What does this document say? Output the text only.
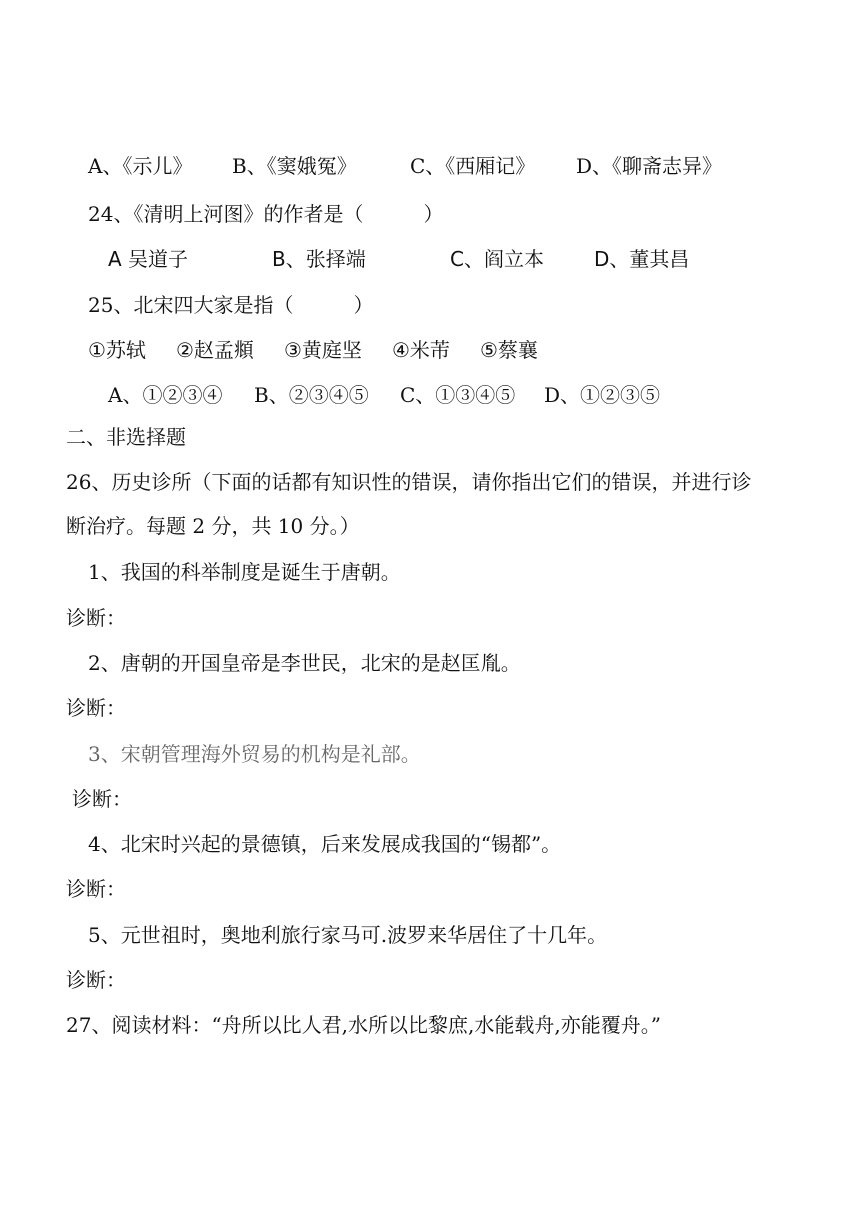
A、《示儿》 B、《窦娥冤》	C、《西厢记》 D、《聊斋志异》
24、《清明上河图》的作者是（　　　）
A 吴道子	B、张择端	C、阎立本	D、董其昌
25、北宋四大家是指（　　　）
①苏轼 ②赵孟頫 ③黄庭坚 ④米芾 ⑤蔡襄
A、①②③④ B、②③④⑤ C、①③④⑤ D、①②③⑤
二、非选择题
26、历史诊所（下面的话都有知识性的错误，请你指出它们的错误，并进行诊
断治疗。每题 2 分，共 10 分。）
1、我国的科举制度是诞生于唐朝。
诊断：
2、唐朝的开国皇帝是李世民，北宋的是赵匡胤。
诊断：
3、宋朝管理海外贸易的机构是礼部。
诊断：
4、北宋时兴起的景德镇，后来发展成我国的“锡都”。
诊断：
5、元世祖时，奥地利旅行家马可.波罗来华居住了十几年。
诊断：
27、阅读材料：“舟所以比人君,水所以比黎庶,水能载舟,亦能覆舟。”
